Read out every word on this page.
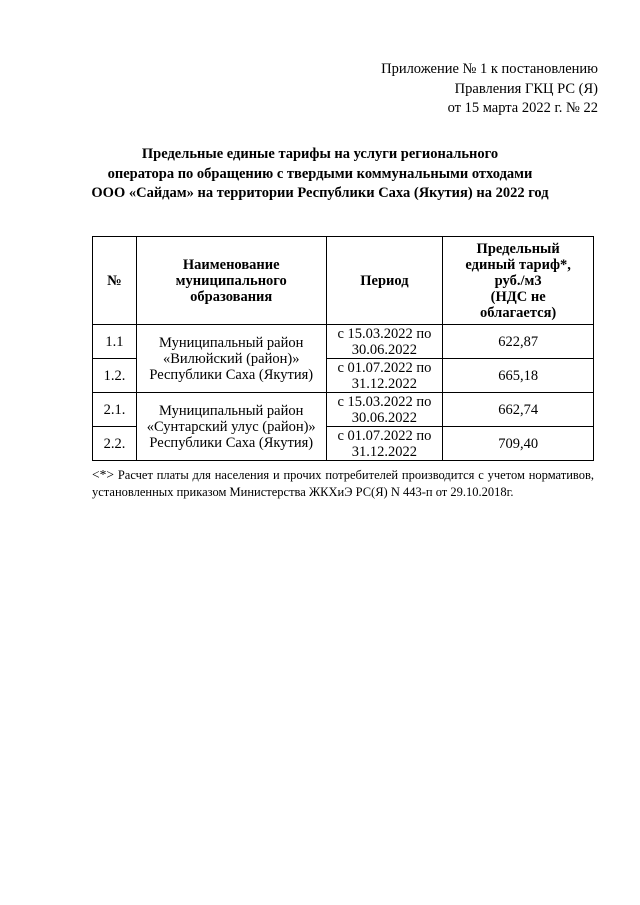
Приложение № 1 к постановлению
Правления ГКЦ РС (Я)
от 15 марта 2022 г. № 22
Предельные единые тарифы на услуги регионального
оператора по обращению с твердыми коммунальными отходами
ООО «Сайдам» на территории Республики Саха (Якутия) на 2022 год
№	Наименование
муниципального
образования	Период	Предельный
единый тариф*,
руб./м3
(НДС не
облагается)
1.1	Муниципальный район
«Вилюйский (район)»
Республики Саха (Якутия)	с 15.03.2022 по
30.06.2022	622,87
1.2.		с 01.07.2022 по
31.12.2022	665,18
2.1.	Муниципальный район
«Сунтарский улус (район)»
Республики Саха (Якутия)	с 15.03.2022 по
30.06.2022	662,74
2.2.		с 01.07.2022 по
31.12.2022	709,40
<*> Расчет платы для населения и прочих потребителей производится с учетом нормативов, установленных приказом Министерства ЖКХиЭ РС(Я) N 443-п от 29.10.2018г.
